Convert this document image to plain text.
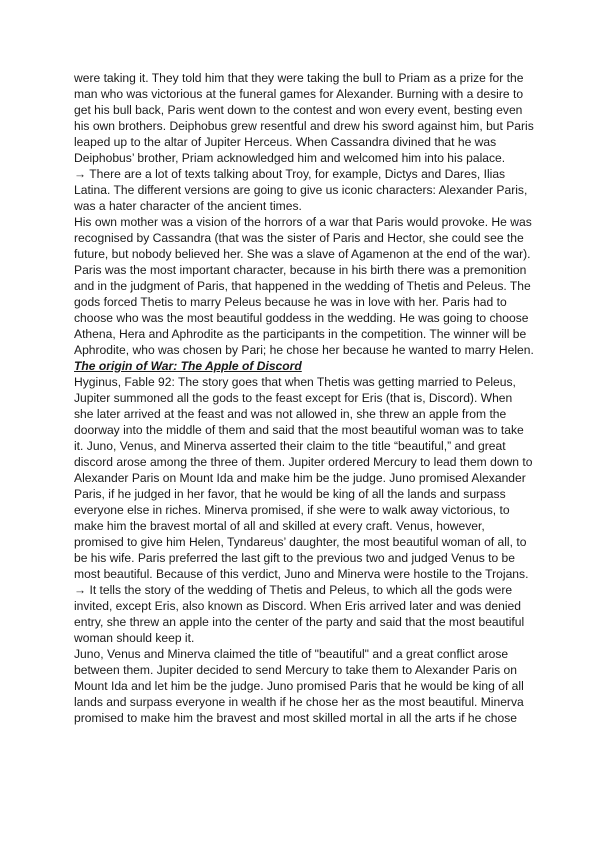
were taking it. They told him that they were taking the bull to Priam as a prize for the man who was victorious at the funeral games for Alexander. Burning with a desire to get his bull back, Paris went down to the contest and won every event, besting even his own brothers. Deiphobus grew resentful and drew his sword against him, but Paris leaped up to the altar of Jupiter Herceus. When Cassandra divined that he was Deiphobus’ brother, Priam acknowledged him and welcomed him into his palace.

→ There are a lot of texts talking about Troy, for example, Dictys and Dares, Ilias Latina. The different versions are going to give us iconic characters: Alexander Paris, was a hater character of the ancient times.

His own mother was a vision of the horrors of a war that Paris would provoke. He was recognised by Cassandra (that was the sister of Paris and Hector, she could see the future, but nobody believed her. She was a slave of Agamenon at the end of the war). Paris was the most important character, because in his birth there was a premonition and in the judgment of Paris, that happened in the wedding of Thetis and Peleus. The gods forced Thetis to marry Peleus because he was in love with her. Paris had to choose who was the most beautiful goddess in the wedding. He was going to choose Athena, Hera and Aphrodite as the participants in the competition. The winner will be Aphrodite, who was chosen by Pari; he chose her because he wanted to marry Helen.

The origin of War: The Apple of Discord

Hyginus, Fable 92: The story goes that when Thetis was getting married to Peleus, Jupiter summoned all the gods to the feast except for Eris (that is, Discord). When she later arrived at the feast and was not allowed in, she threw an apple from the doorway into the middle of them and said that the most beautiful woman was to take it. Juno, Venus, and Minerva asserted their claim to the title “beautiful,” and great discord arose among the three of them. Jupiter ordered Mercury to lead them down to Alexander Paris on Mount Ida and make him be the judge. Juno promised Alexander Paris, if he judged in her favor, that he would be king of all the lands and surpass everyone else in riches. Minerva promised, if she were to walk away victorious, to make him the bravest mortal of all and skilled at every craft. Venus, however, promised to give him Helen, Tyndareus’ daughter, the most beautiful woman of all, to be his wife. Paris preferred the last gift to the previous two and judged Venus to be most beautiful. Because of this verdict, Juno and Minerva were hostile to the Trojans.

→ It tells the story of the wedding of Thetis and Peleus, to which all the gods were invited, except Eris, also known as Discord. When Eris arrived later and was denied entry, she threw an apple into the center of the party and said that the most beautiful woman should keep it.

Juno, Venus and Minerva claimed the title of "beautiful" and a great conflict arose between them. Jupiter decided to send Mercury to take them to Alexander Paris on Mount Ida and let him be the judge. Juno promised Paris that he would be king of all lands and surpass everyone in wealth if he chose her as the most beautiful. Minerva promised to make him the bravest and most skilled mortal in all the arts if he chose
